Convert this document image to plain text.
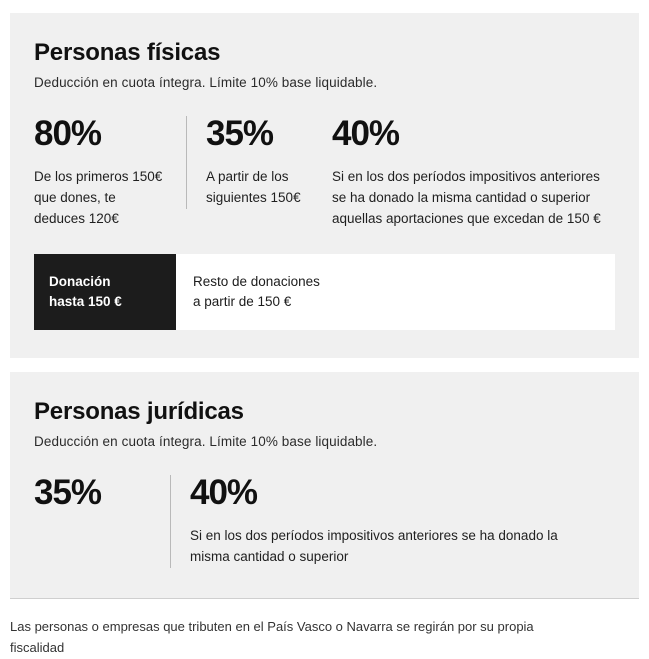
Personas físicas

Deducción en cuota íntegra. Límite 10% base liquidable.

80%
De los primeros 150€ que dones, te deduces 120€
35%
A partir de los siguientes 150€
40%
Si en los dos períodos impositivos anteriores se ha donado la misma cantidad o superior aquellas aportaciones que excedan de 150 €
Donación
hasta 150 €
Resto de donaciones
a partir de 150 €
Personas jurídicas

Deducción en cuota íntegra. Límite 10% base liquidable.

35%	40%
Si en los dos períodos impositivos anteriores se ha donado la misma cantidad o superior
Las personas o empresas que tributen en el País Vasco o Navarra se regirán por su propia fiscalidad
